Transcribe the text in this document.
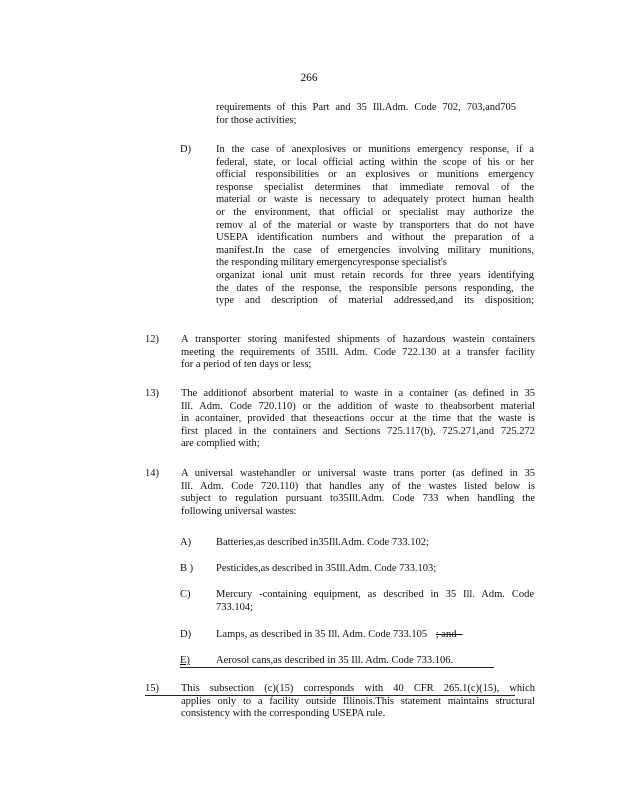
266
requirements of this Part and 35 Ill.Adm. Code 702, 703,and705
for those activities;
D) In the case of anexplosives or munitions emergency response, if a
federal, state, or local official acting within the scope of his or her
official responsibilities or an explosives or munitions emergency
response specialist determines that immediate removal of the
material or waste is necessary to adequately protect human health
or the environment, that official or specialist may authorize the
remov al of the material or waste by transporters that do not have
USEPA identification numbers and without the preparation of a
manifest.In the case of emergencies involving military munitions,
the responding military emergencyresponse specialist's
organizat ional unit must retain records for three years identifying
the dates of the response, the responsible persons responding, the
type and description of material addressed,and its disposition;
12) A transporter storing manifested shipments of hazardous wastein containers
meeting the requirements of 35Ill. Adm. Code 722.130 at a transfer facility
for a period of ten days or less;
13) The additionof absorbent material to waste in a container (as defined in 35
Ill. Adm. Code 720.110) or the addition of waste to theabsorbent material
in acontainer, provided that theseactions occur at the time that the waste is
first placed in the containers and Sections 725.117(b), 725.271,and 725.272
are complied with;
14) A universal wastehandler or universal waste trans porter (as defined in 35
Ill. Adm. Code 720.110) that handles any of the wastes listed below is
subject to regulation pursuant to35Ill.Adm. Code 733 when handling the
following universal wastes:
A) Batteries,as described in35Ill.Adm. Code 733.102;
B ) Pesticides,as described in 35Ill.Adm. Code 733.103;
C) Mercury -containing equipment, as described in 35 Ill. Adm. Code
733.104;
D) Lamps, as described in 35 Ill. Adm. Code 733.105 ; and -
E) Aerosol cans,as described in 35 Ill. Adm. Code 733.106.
15) This subsection (c)(15) corresponds with 40 CFR 265.1(c)(15), which
applies only to a facility outside Illinois.This statement maintains structural
consistency with the corresponding USEPA rule.
